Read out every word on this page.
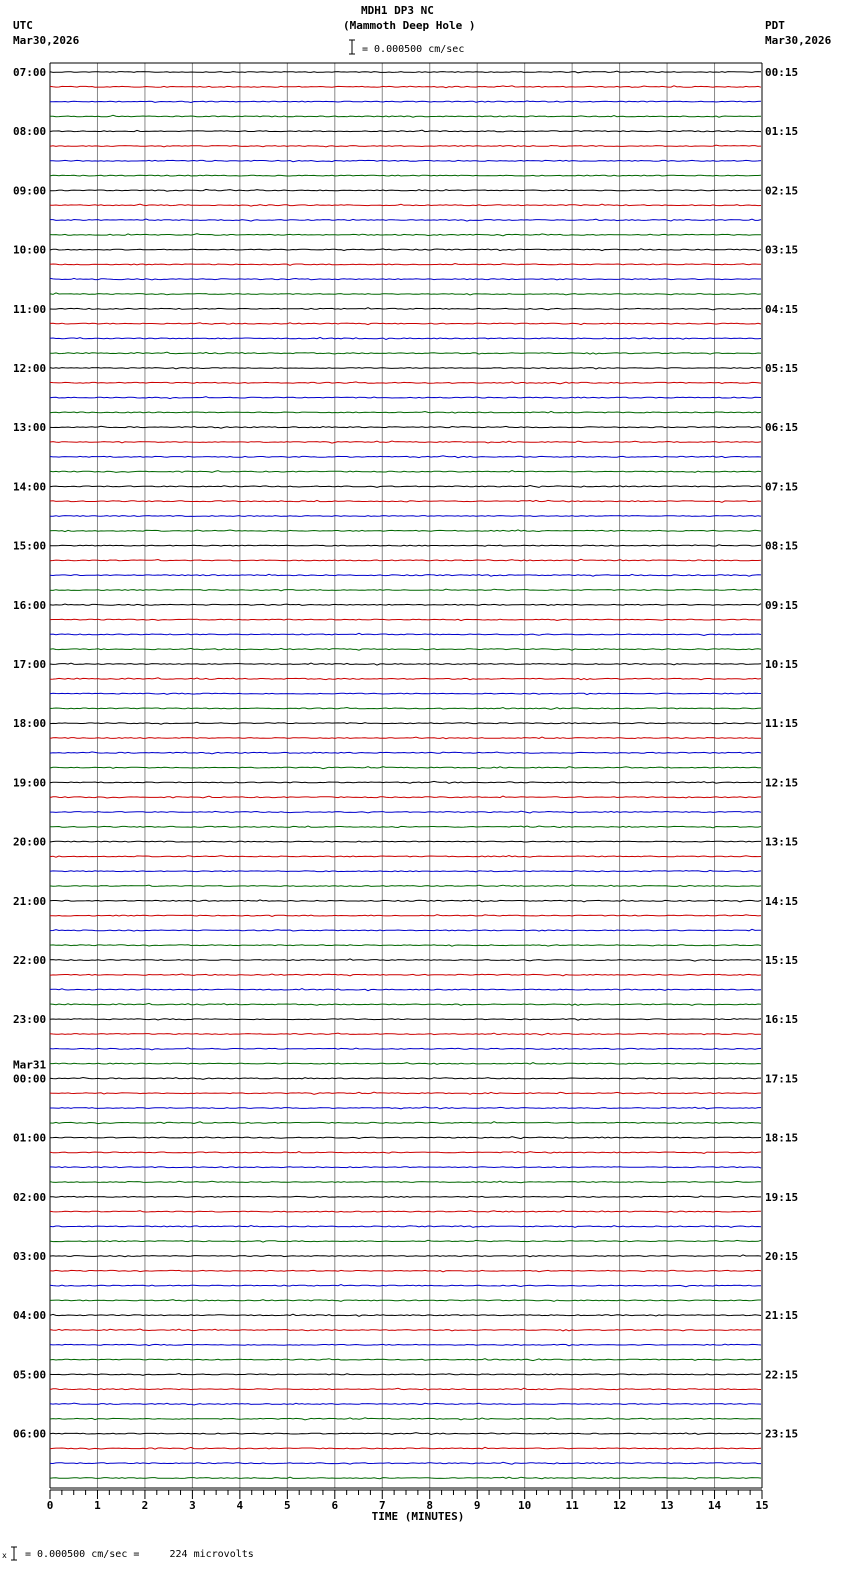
MDH1 DP3 NC
(Mammoth Deep Hole )
UTC
Mar30,2026
PDT
Mar30,2026
= 0.000500 cm/sec
= 0.000500 cm/sec =     224 microvolts
x
07:00
08:00
09:00
10:00
11:00
12:00
13:00
14:00
15:00
16:00
17:00
18:00
19:00
20:00
21:00
22:00
23:00
00:00
Mar31
01:00
02:00
03:00
04:00
05:00
06:00
00:15
01:15
02:15
03:15
04:15
05:15
06:15
07:15
08:15
09:15
10:15
11:15
12:15
13:15
14:15
15:15
16:15
17:15
18:15
19:15
20:15
21:15
22:15
23:15
0	1	2	3	4	5	6	7	8	9	10	11	12	13	14	15
TIME (MINUTES)
